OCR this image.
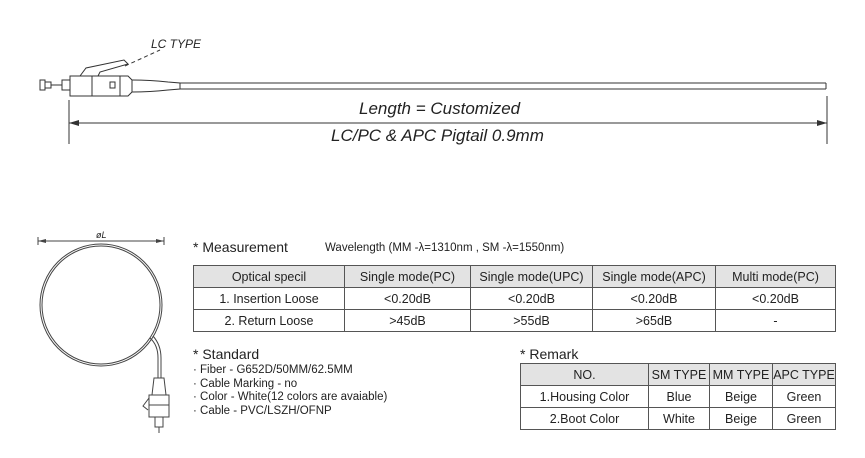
LC TYPE
Length = Customized
LC/PC & APC Pigtail 0.9mm
øL
* Measurement	Wavelength (MM -λ=1310nm , SM -λ=1550nm)
Optical specil	Single mode(PC)	Single mode(UPC)	Single mode(APC)	Multi mode(PC)
1. Insertion Loose	<0.20dB	<0.20dB	<0.20dB	<0.20dB
2. Return Loose	>45dB	>55dB	>65dB	-
* Standard
· Fiber - G652D/50MM/62.5MM
· Cable Marking - no
· Color - White(12 colors are avaiable)
· Cable - PVC/LSZH/OFNP
* Remark
NO.	SM TYPE	MM TYPE	APC TYPE
1.Housing Color	Blue	Beige	Green
2.Boot Color	White	Beige	Green
